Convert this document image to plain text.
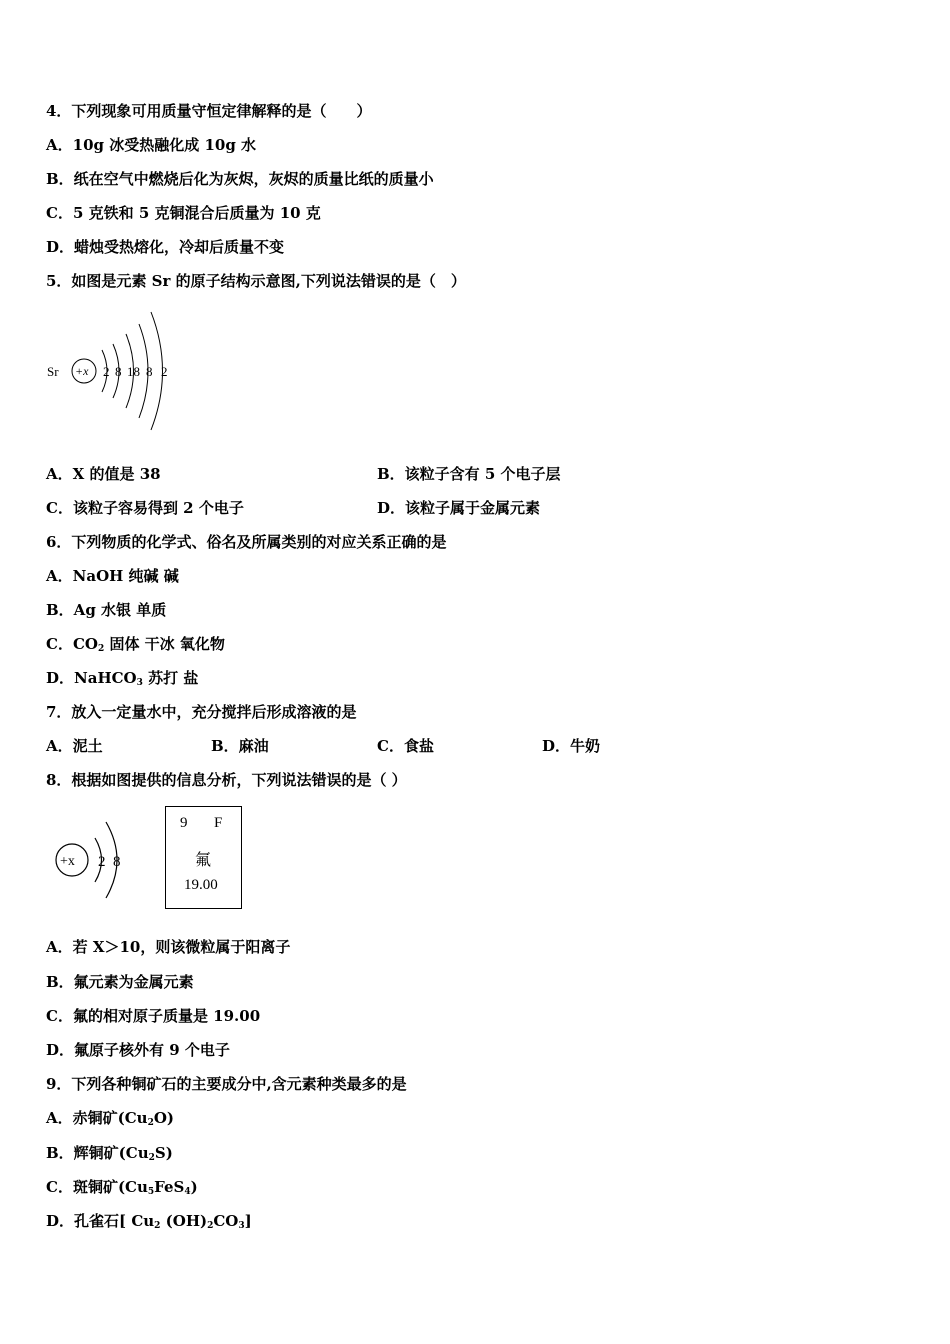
4．下列现象可用质量守恒定律解释的是（　　）
A．10g 冰受热融化成 10g 水
B．纸在空气中燃烧后化为灰烬，灰烬的质量比纸的质量小
C．5 克铁和 5 克铜混合后质量为 10 克
D．蜡烛受热熔化，冷却后质量不变
5．如图是元素 Sr 的原子结构示意图,下列说法错误的是（　）
Sr +x 2 8 18 8 2
A．X 的值是 38	B．该粒子含有 5 个电子层
C．该粒子容易得到 2 个电子	D．该粒子属于金属元素
6．下列物质的化学式、俗名及所属类别的对应关系正确的是
A．NaOH 纯碱 碱
B．Ag 水银 单质
C．$CO_2$ 固体 干冰 氧化物
D．NaHCO$_3$ 苏打 盐
7．放入一定量水中，充分搅拌后形成溶液的是
A．泥土	B．麻油	C．食盐	D．牛奶
8．根据如图提供的信息分析，下列说法错误的是（ ）
+x 2 8
9 F
氟
19.00
A．若 X＞10，则该微粒属于阳离子
B．氟元素为金属元素
C．氟的相对原子质量是 19.00
D．氟原子核外有 9 个电子
9．下列各种铜矿石的主要成分中,含元素种类最多的是
A．赤铜矿$(Cu_2O)$
B．辉铜矿$(Cu_2S)$
C．斑铜矿$(Cu_5FeS_4)$
D．孔雀石[ $Cu_2$ $(OH)_2CO_3$]
